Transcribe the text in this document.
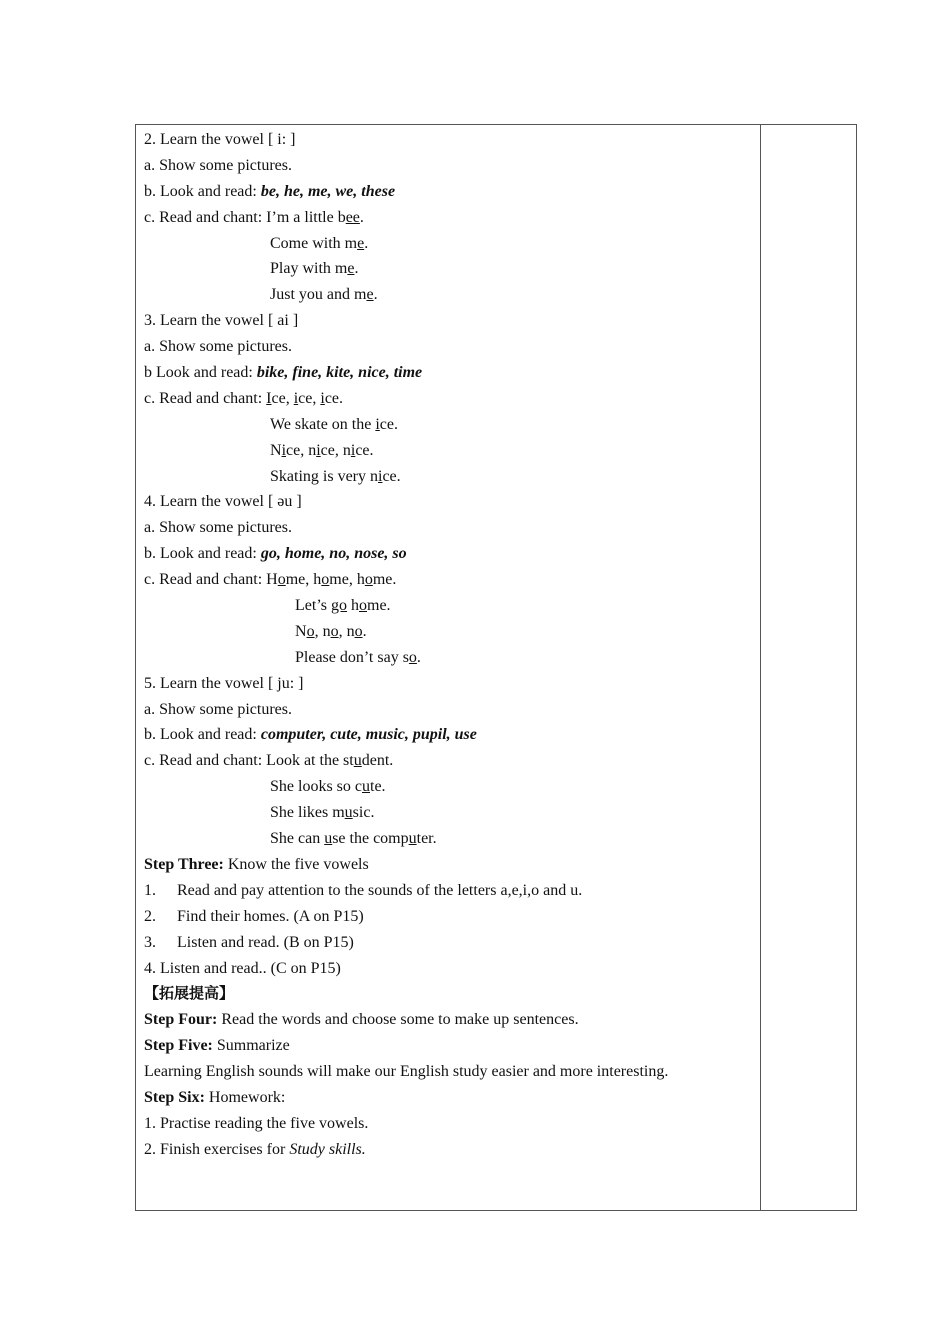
2. Learn the vowel [ i: ]
a. Show some pictures.
b. Look and read: be, he, me, we, these
c. Read and chant: I’m a little bee.
Come with me.
Play with me.
Just you and me.
3. Learn the vowel [ ai ]
a. Show some pictures.
b Look and read: bike, fine, kite, nice, time
c. Read and chant: Ice, ice, ice.
We skate on the ice.
Nice, nice, nice.
Skating is very nice.
4. Learn the vowel [ əu ]
a. Show some pictures.
b. Look and read: go, home, no, nose, so
c. Read and chant: Home, home, home.
Let’s go home.
No, no, no.
Please don’t say so.
5. Learn the vowel [ ju: ]
a. Show some pictures.
b. Look and read: computer, cute, music, pupil, use
c. Read and chant: Look at the student.
She looks so cute.
She likes music.
She can use the computer.
Step Three: Know the five vowels
1. Read and pay attention to the sounds of the letters a,e,i,o and u.
2. Find their homes. (A on P15)
3. Listen and read. (B on P15)
4. Listen and read.. (C on P15)
【拓展提高】
Step Four: Read the words and choose some to make up sentences.
Step Five: Summarize
Learning English sounds will make our English study easier and more interesting.
Step Six: Homework:
1. Practise reading the five vowels.
2. Finish exercises for Study skills.
